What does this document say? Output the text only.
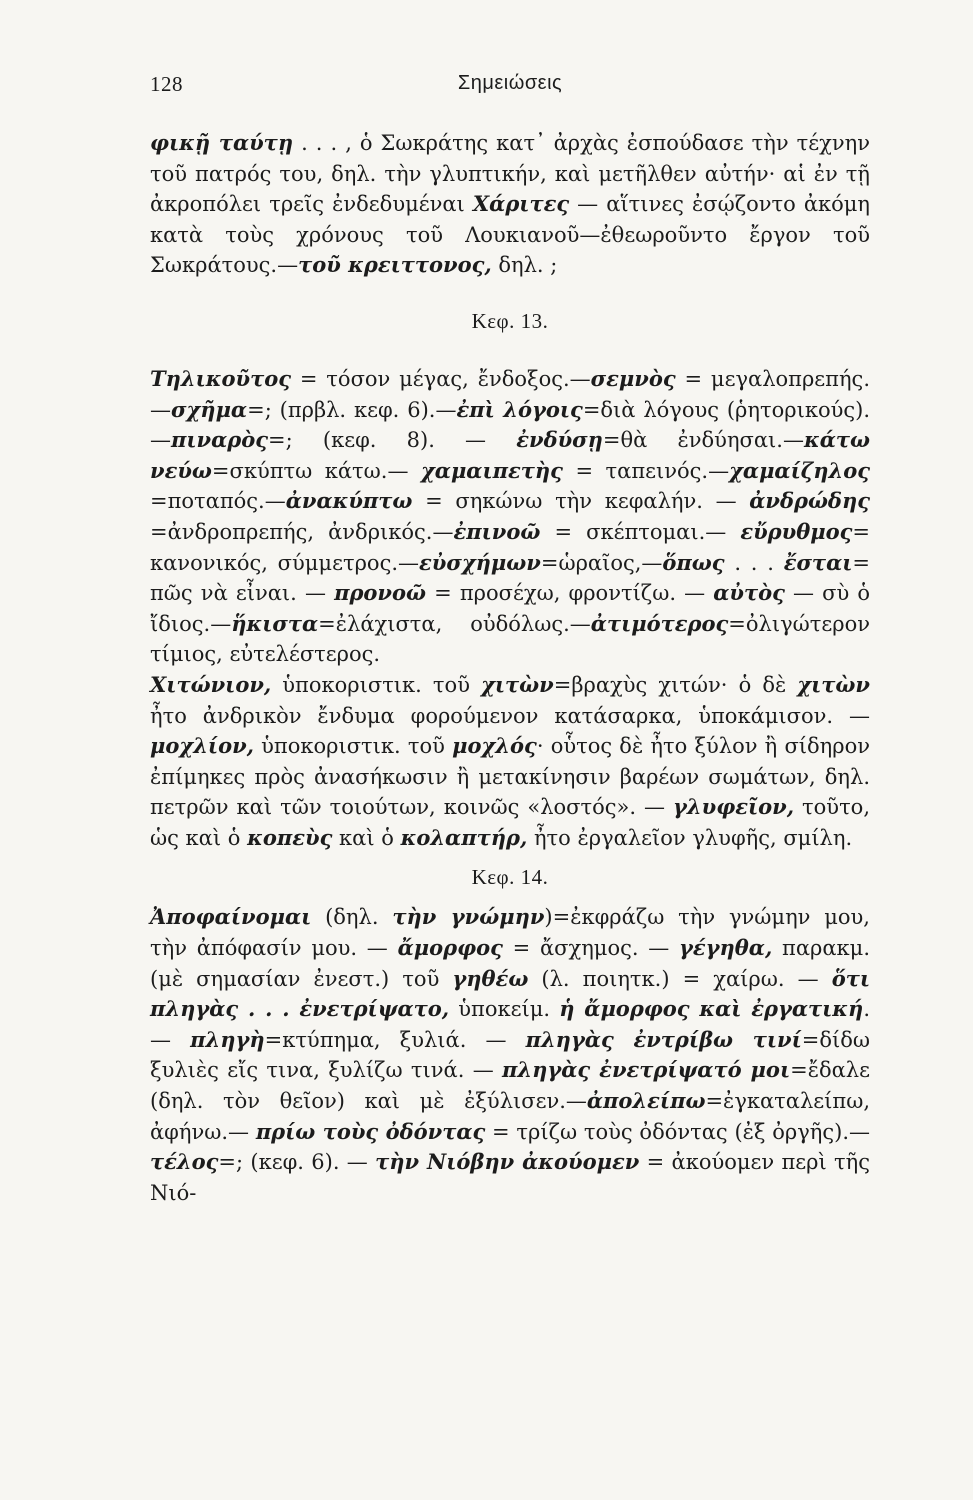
128	Σημειώσεις

φικῇ ταύτῃ . . . , ὁ Σωκράτης κατ᾽ ἀρχὰς ἐσπούδασε τὴν τέχνην τοῦ πατρός του, δηλ. τὴν γλυπτικήν, καὶ μετῆλθεν αὐτήν· αἱ ἐν τῇ ἀκροπόλει τρεῖς ἐνδεδυμέναι Χάριτες — αἵτινες ἐσῴζοντο ἀκόμη κατὰ τοὺς χρόνους τοῦ Λουκιανοῦ—ἐθεωροῦντο ἔργον τοῦ Σωκράτους.—τοῦ κρειττονος, δηλ. ;

Κεφ. 13.

Τηλικοῦτος = τόσον μέγας, ἔνδοξος.—σεμνὸς = μεγαλοπρεπής.—σχῆμα=; (πρβλ. κεφ. 6).—ἐπὶ λόγοις=διὰ λόγους (ῥητορικούς). —πιναρὸς=; (κεφ. 8). — ἐνδύσῃ=θὰ ἐνδύησαι.—κάτω νεύω=σκύπτω κάτω.— χαμαιπετὴς = ταπεινός.—χαμαίζηλος =ποταπός.—ἀνακύπτω = σηκώνω τὴν κεφαλήν. — ἀνδρώδης =ἀνδροπρεπής, ἀνδρικός.—ἐπινοῶ = σκέπτομαι.— εὔρυθμος= κανονικός, σύμμετρος.—εὐσχήμων=ὡραῖος,—ὅπως . . . ἔσται= πῶς νὰ εἶναι. — προνοῶ = προσέχω, φροντίζω. — αὐτὸς — σὺ ὁ ἴδιος.—ἥκιστα=ἐλάχιστα, οὐδόλως.—ἀτιμότερος=ὀλιγώτερον τίμιος, εὐτελέστερος.

Χιτώνιον, ὑποκοριστικ. τοῦ χιτὼν=βραχὺς χιτών· ὁ δὲ χιτὼν ἦτο ἀνδρικὸν ἔνδυμα φορούμενον κατάσαρκα, ὑποκάμισον. — μοχλίον, ὑποκοριστικ. τοῦ μοχλός· οὗτος δὲ ἦτο ξύλον ἢ σίδηρον ἐπίμηκες πρὸς ἀνασήκωσιν ἢ μετακίνησιν βαρέων σωμάτων, δηλ. πετρῶν καὶ τῶν τοιούτων, κοινῶς «λοστός». — γλυφεῖον, τοῦτο, ὡς καὶ ὁ κοπεὺς καὶ ὁ κολαπτήρ, ἦτο ἐργαλεῖον γλυφῆς, σμίλη.

Κεφ. 14.

Ἀποφαίνομαι (δηλ. τὴν γνώμην)=ἐκφράζω τὴν γνώμην μου, τὴν ἀπόφασίν μου. — ἄμορφος = ἄσχημος. — γέγηθα, παρακμ. (μὲ σημασίαν ἐνεστ.) τοῦ γηθέω (λ. ποιητκ.) = χαίρω. — ὅτι πληγὰς . . . ἐνετρίψατο, ὑποκείμ. ἡ ἄμορφος καὶ ἐργατική. — πληγὴ=κτύπημα, ξυλιά. — πληγὰς ἐντρίβω τινί=δίδω ξυλιὲς εἴς τινα, ξυλίζω τινά. — πληγὰς ἐνετρίψατό μοι=ἔδαλε (δηλ. τὸν θεῖον) καὶ μὲ ἐξύλισεν.—ἀπολείπω=ἐγκαταλείπω, ἀφήνω.— πρίω τοὺς ὀδόντας = τρίζω τοὺς ὀδόντας (ἐξ ὀργῆς).—τέλος=; (κεφ. 6). — τὴν Νιόβην ἀκούομεν = ἀκούομεν περὶ τῆς Νιό-
